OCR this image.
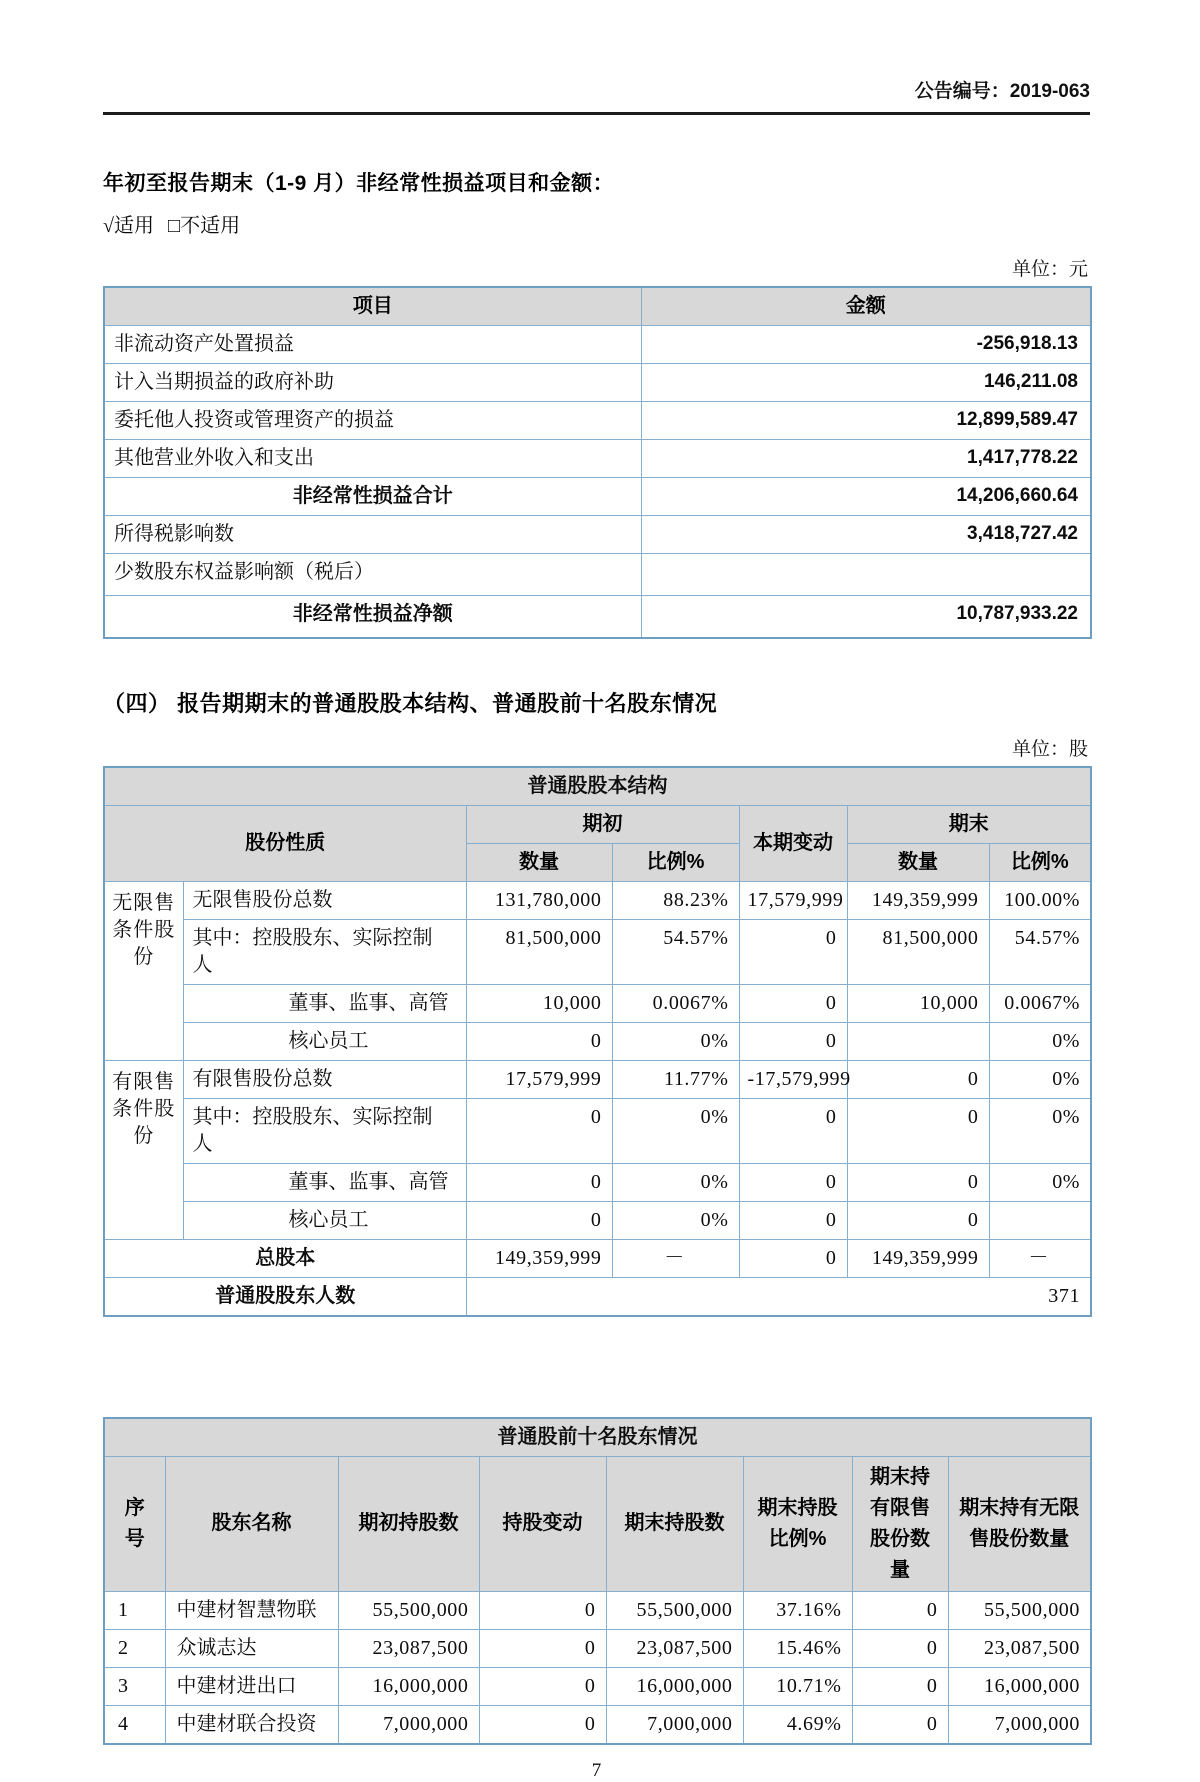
公告编号：2019-063
年初至报告期末（1-9 月）非经常性损益项目和金额：
√适用 □不适用
单位：元
项目	金额
非流动资产处置损益	-256,918.13
计入当期损益的政府补助	146,211.08
委托他人投资或管理资产的损益	12,899,589.47
其他营业外收入和支出	1,417,778.22
非经常性损益合计	14,206,660.64
所得税影响数	3,418,727.42
少数股东权益影响额（税后）	
非经常性损益净额	10,787,933.22
（四） 报告期期末的普通股股本结构、普通股前十名股东情况
单位：股
普通股股本结构						
股份性质		期初		本期变动	期末	
		数量	比例%		数量	比例%
无限售条件股份	无限售股份总数	131,780,000	88.23%	17,579,999	149,359,999	100.00%
	其中：控股股东、实际控制人	81,500,000	54.57%	0	81,500,000	54.57%
	董事、监事、高管	10,000	0.0067%	0	10,000	0.0067%
	核心员工	0	0%	0		0%
有限售条件股份	有限售股份总数	17,579,999	11.77%	-17,579,999	0	0%
	其中：控股股东、实际控制人	0	0%	0	0	0%
	董事、监事、高管	0	0%	0	0	0%
	核心员工	0	0%	0	0	
总股本		149,359,999	－	0	149,359,999	－
普通股股东人数		371				
普通股前十名股东情况							
序号	股东名称	期初持股数	持股变动	期末持股数	期末持股比例%	期末持有限售股份数量	期末持有无限售股份数量
1	中建材智慧物联	55,500,000	0	55,500,000	37.16%	0	55,500,000
2	众诚志达	23,087,500	0	23,087,500	15.46%	0	23,087,500
3	中建材进出口	16,000,000	0	16,000,000	10.71%	0	16,000,000
4	中建材联合投资	7,000,000	0	7,000,000	4.69%	0	7,000,000
7
